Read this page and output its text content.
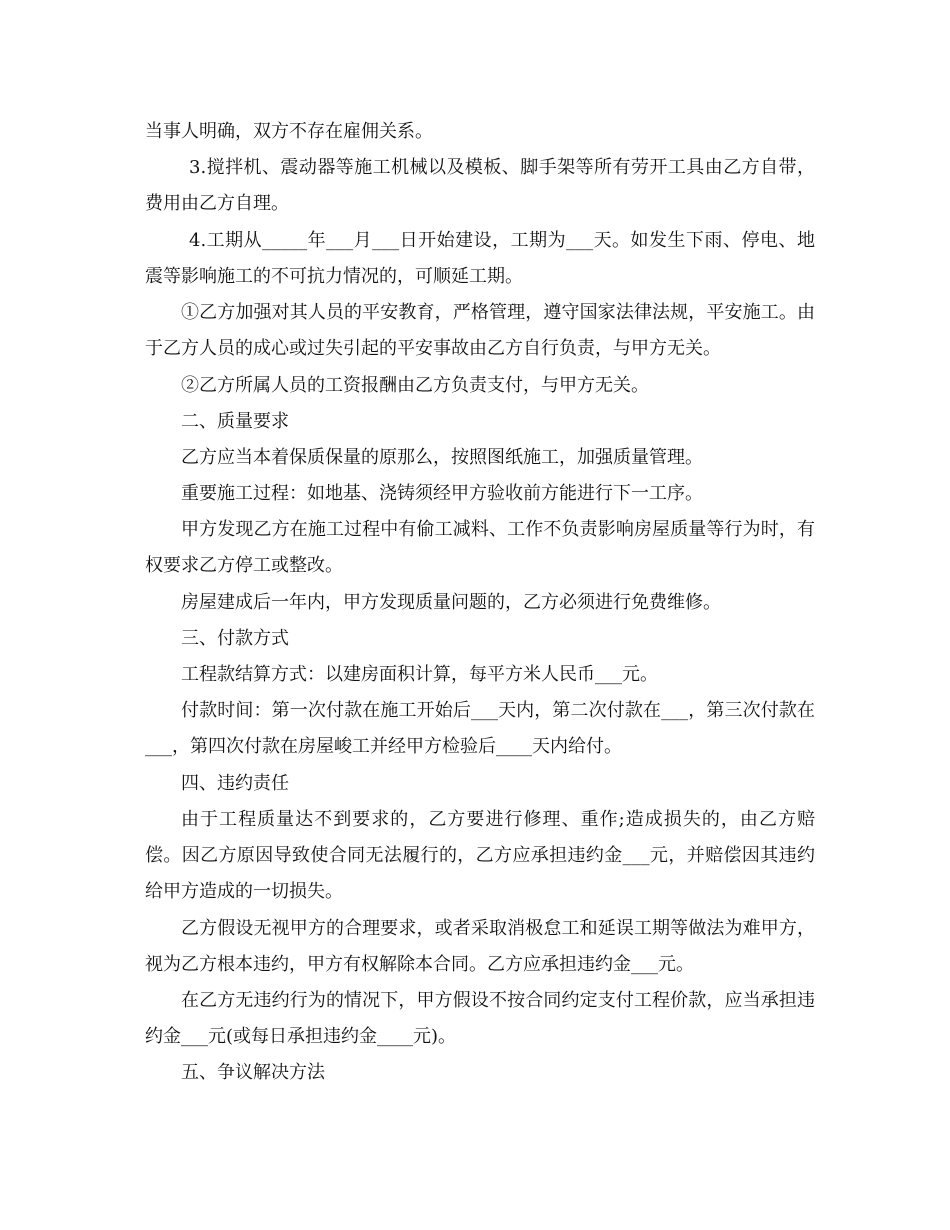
当事人明确，双方不存在雇佣关系。

3.搅拌机、震动器等施工机械以及模板、脚手架等所有劳开工具由乙方自带，费用由乙方自理。

4.工期从_____年___月___日开始建设，工期为___天。如发生下雨、停电、地震等影响施工的不可抗力情况的，可顺延工期。

①乙方加强对其人员的平安教育，严格管理，遵守国家法律法规，平安施工。由于乙方人员的成心或过失引起的平安事故由乙方自行负责，与甲方无关。

②乙方所属人员的工资报酬由乙方负责支付，与甲方无关。

二、质量要求

乙方应当本着保质保量的原那么，按照图纸施工，加强质量管理。

重要施工过程：如地基、浇铸须经甲方验收前方能进行下一工序。

甲方发现乙方在施工过程中有偷工减料、工作不负责影响房屋质量等行为时，有权要求乙方停工或整改。

房屋建成后一年内，甲方发现质量问题的，乙方必须进行免费维修。

三、付款方式

工程款结算方式：以建房面积计算，每平方米人民币___元。

付款时间：第一次付款在施工开始后___天内，第二次付款在___，第三次付款在___，第四次付款在房屋峻工并经甲方检验后____天内给付。

四、违约责任

由于工程质量达不到要求的，乙方要进行修理、重作;造成损失的，由乙方赔偿。因乙方原因导致使合同无法履行的，乙方应承担违约金___元，并赔偿因其违约给甲方造成的一切损失。

乙方假设无视甲方的合理要求，或者采取消极怠工和延误工期等做法为难甲方，视为乙方根本违约，甲方有权解除本合同。乙方应承担违约金___元。

在乙方无违约行为的情况下，甲方假设不按合同约定支付工程价款，应当承担违约金___元(或每日承担违约金____元)。

五、争议解决方法
